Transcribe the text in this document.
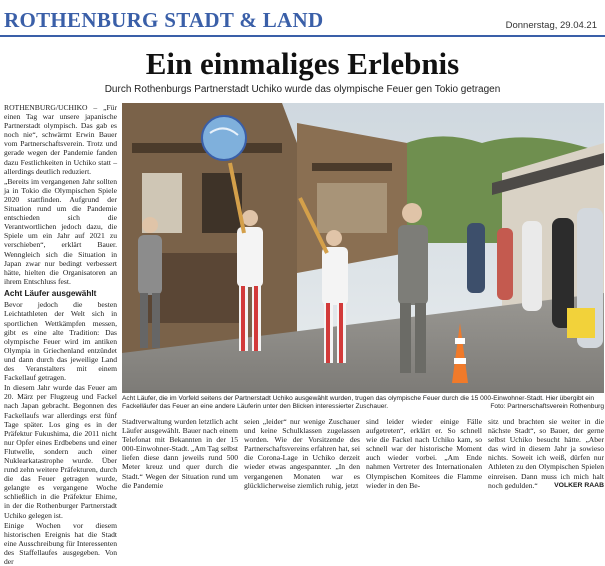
ROTHENBURG STADT & LAND	Donnerstag, 29.04.21
Ein einmaliges Erlebnis
Durch Rothenburgs Partnerstadt Uchiko wurde das olympische Feuer gen Tokio getragen

ROTHENBURG/UCHIKO – „Für einen Tag war unsere japanische Partnerstadt olympisch. Das gab es noch nie“, schwärmt Erwin Bauer vom Partnerschaftsverein. Trotz und gerade wegen der Pandemie fanden dazu Festlichkeiten in Uchiko statt – allerdings deutlich reduziert.

„Bereits im vergangenen Jahr sollten ja in Tokio die Olympischen Spiele 2020 stattfinden. Aufgrund der Situation rund um die Pandemie entschieden sich die Verantwortlichen jedoch dazu, die Spiele um ein Jahr auf 2021 zu verschieben“, erklärt Bauer. Wenngleich sich die Situation in Japan zwar nur bedingt verbessert hätte, hielten die Organisatoren an ihrem Entschluss fest.

Acht Läufer ausgewählt

Bevor jedoch die besten Leichtathleten der Welt sich in sportlichen Wettkämpfen messen, gibt es eine alte Tradition: Das olympische Feuer wird im antiken Olympia in Griechenland entzündet und dann durch das jeweilige Land des Veranstalters mit einem Fackellauf getragen.

In diesem Jahr wurde das Feuer am 20. März per Flugzeug und Fackel nach Japan gebracht. Begonnen des Fackellaufs war allerdings erst fünf Tage später. Los ging es in der Präfektur Fukushima, die 2011 nicht nur Opfer eines Erdbebens und einer Flutwelle, sondern auch einer Nuklearkatastrophe wurde. Über rund zehn weitere Präfekturen, durch die das Feuer getragen wurde, gelangte es vergangene Woche schließlich in die Präfektur Ehime, in der die Rothenburger Partnerstadt Uchiko gelegen ist.

Einige Wochen vor diesem historischen Ereignis hat die Stadt eine Ausschreibung für Interessenten des Staffellaufes ausgegeben. Von der

Acht Läufer, die im Vorfeld seitens der Partnerstadt Uchiko ausgewählt wurden, trugen das olympische Feuer durch die 15 000-Einwohner-Stadt. Hier übergibt ein Fackelläufer das Feuer an eine andere Läuferin unter den Blicken interessierter Zuschauer.	Foto: Partnerschaftsverein Rothenburg
Stadtverwaltung wurden letztlich acht Läufer ausgewählt. Bauer nach einem Telefonat mit Bekannten in der 15 000-Einwohner-Stadt. „Am Tag selbst liefen diese dann jeweils rund 500 Meter kreuz und quer durch die Stadt.“ Wegen der Situation rund um die Pandemie
seien „leider“ nur wenige Zuschauer und keine Schulklassen zugelassen worden. Wie der Vorsitzende des Partnerschaftsvereins erfahren hat, sei die Corona-Lage in Uchiko derzeit wieder etwas angespannter. „In den vergangenen Monaten war es glücklicherweise ziemlich ruhig, jetzt
sind leider wieder einige Fälle aufgetreten“, erklärt er. So schnell wie die Fackel nach Uchiko kam, so schnell war der historische Moment auch wieder vorbei. „Am Ende nahmen Vertreter des Internationalen Olympischen Komitees die Flamme wieder in den Be-
sitz und brachten sie weiter in die nächste Stadt“, so Bauer, der gerne selbst Uchiko besucht hätte. „Aber das wird in diesem Jahr ja sowieso nichts. Soweit ich weiß, dürfen nur Athleten zu den Olympischen Spielen einreisen. Dann muss ich mich halt noch gedulden.“ VOLKER RAAB
